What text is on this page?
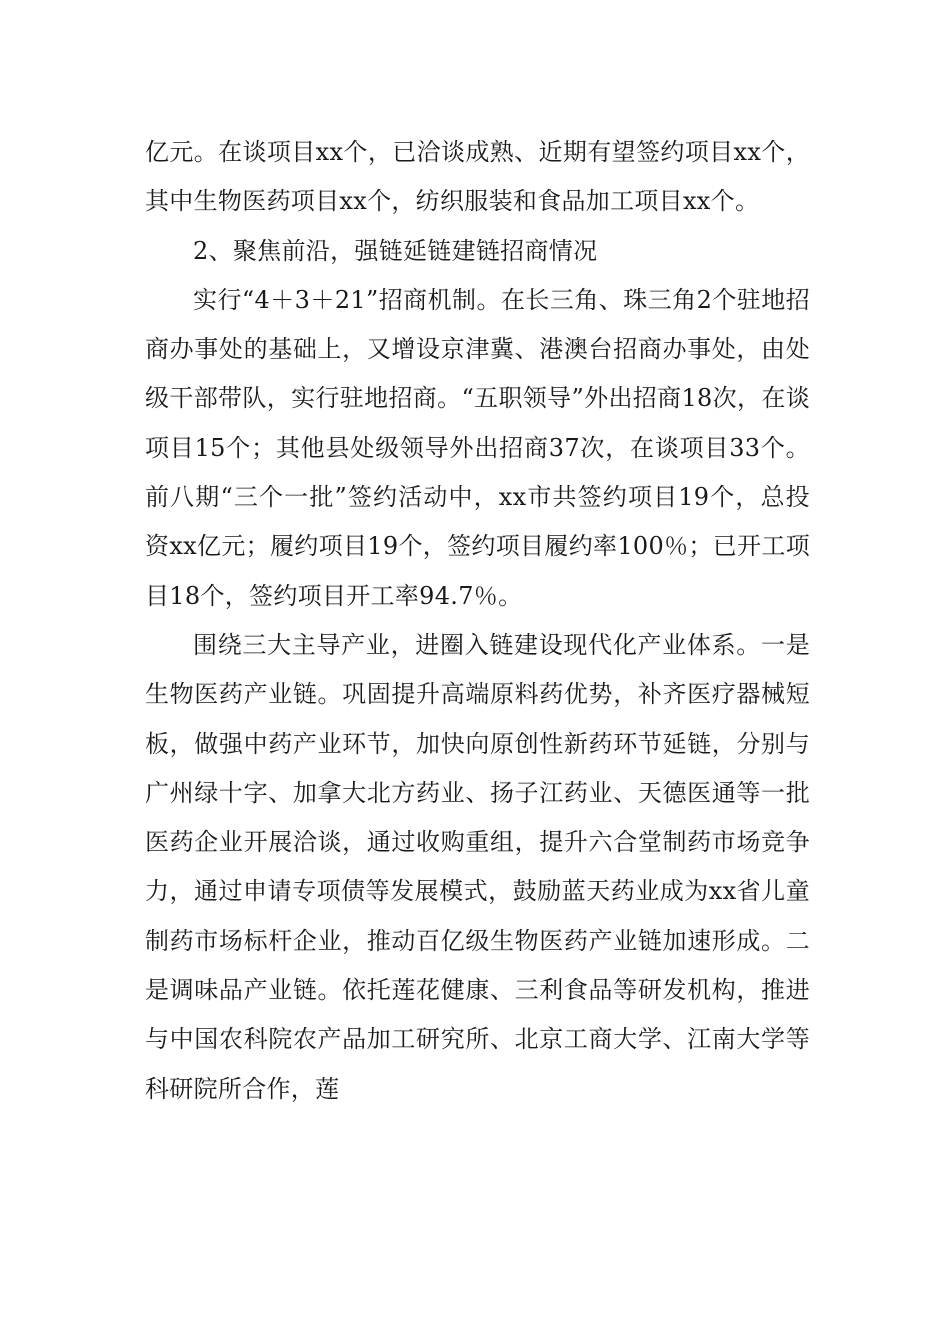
亿元。在谈项目xx个，已洽谈成熟、近期有望签约项目xx个，其中生物医药项目xx个，纺织服装和食品加工项目xx个。

2、聚焦前沿，强链延链建链招商情况

实行“4＋3＋21”招商机制。在长三角、珠三角2个驻地招商办事处的基础上，又增设京津冀、港澳台招商办事处，由处级干部带队，实行驻地招商。“五职领导”外出招商18次，在谈项目15个；其他县处级领导外出招商37次，在谈项目33个。前八期“三个一批”签约活动中，xx市共签约项目19个，总投资xx亿元；履约项目19个，签约项目履约率100％；已开工项目18个，签约项目开工率94.7％。

围绕三大主导产业，进圈入链建设现代化产业体系。一是生物医药产业链。巩固提升高端原料药优势，补齐医疗器械短板，做强中药产业环节，加快向原创性新药环节延链，分别与广州绿十字、加拿大北方药业、扬子江药业、天德医通等一批医药企业开展洽谈，通过收购重组，提升六合堂制药市场竞争力，通过申请专项债等发展模式，鼓励蓝天药业成为xx省儿童制药市场标杆企业，推动百亿级生物医药产业链加速形成。二是调味品产业链。依托莲花健康、三利食品等研发机构，推进与中国农科院农产品加工研究所、北京工商大学、江南大学等科研院所合作，莲
